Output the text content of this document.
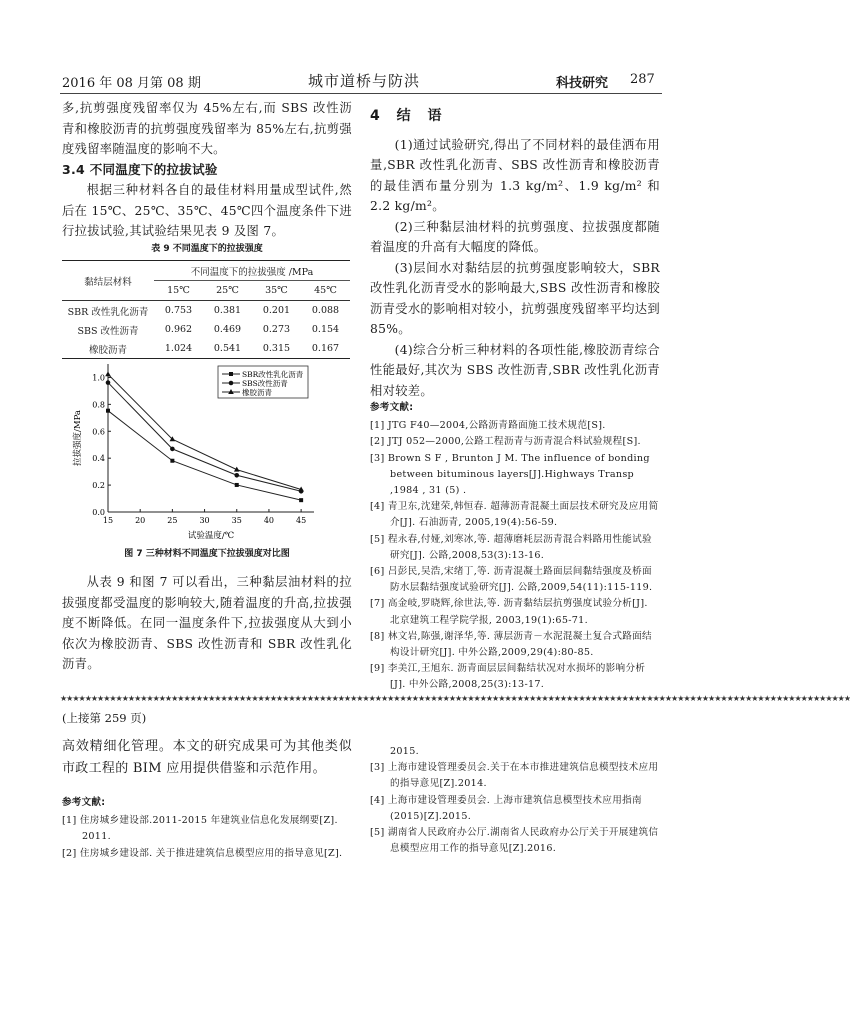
2016 年 08 月第 08 期	城市道桥与防洪	科技研究 287

多,抗剪强度残留率仅为 45%左右,而 SBS 改性沥青和橡胶沥青的抗剪强度残留率为 85%左右,抗剪强度残留率随温度的影响不大。

3.4 不同温度下的拉拔试验

根据三种材料各自的最佳材料用量成型试件,然后在 15℃、25℃、35℃、45℃四个温度条件下进行拉拔试验,其试验结果见表 9 及图 7。

表 9 不同温度下的拉拔强度
黏结层材料	不同温度下的拉拔强度 /MPa			
	15℃	25℃	35℃	45℃
SBR 改性乳化沥青	0.753	0.381	0.201	0.088
SBS 改性沥青	0.962	0.469	0.273	0.154
橡胶沥青	1.024	0.541	0.315	0.167
15	20	25	30	35	40	45
0.0
0.2
0.4
0.6
0.8
1.0
试验温度/℃
拉拔强度/MPa
SBR改性乳化沥青
SBS改性沥青
橡胶沥青
图 7 三种材料不同温度下拉拔强度对比图

从表 9 和图 7 可以看出，三种黏层油材料的拉拔强度都受温度的影响较大,随着温度的升高,拉拔强度不断降低。在同一温度条件下,拉拔强度从大到小依次为橡胶沥青、SBS 改性沥青和 SBR 改性乳化沥青。

4 结 语

(1)通过试验研究,得出了不同材料的最佳洒布用量,SBR 改性乳化沥青、SBS 改性沥青和橡胶沥青的最佳洒布量分别为 1.3 kg/m²、1.9 kg/m² 和 2.2 kg/m²。

(2)三种黏层油材料的抗剪强度、拉拔强度都随着温度的升高有大幅度的降低。

(3)层间水对黏结层的抗剪强度影响较大，SBR 改性乳化沥青受水的影响最大,SBS 改性沥青和橡胶沥青受水的影响相对较小，抗剪强度残留率平均达到 85%。

(4)综合分析三种材料的各项性能,橡胶沥青综合性能最好,其次为 SBS 改性沥青,SBR 改性乳化沥青相对较差。

参考文献:
[1] JTG F40—2004,公路沥青路面施工技术规范[S].
[2] JTJ 052—2000,公路工程沥青与沥青混合料试验规程[S].
[3] Brown S F , Brunton J M. The influence of bonding between bituminous layers[J].Highways Transp ,1984 , 31 (5) .
[4] 青卫东,沈建荣,韩恒春. 超薄沥青混凝土面层技术研究及应用简介[J]. 石油沥青, 2005,19(4):56-59.
[5] 程永春,付娅,刘寒冰,等. 超薄磨耗层沥青混合料路用性能试验研究[J]. 公路,2008,53(3):13-16.
[6] 吕彭民,吴浩,宋绪丁,等. 沥青混凝土路面层间黏结强度及桥面防水层黏结强度试验研究[J]. 公路,2009,54(11):115-119.
[7] 高金岐,罗晓辉,徐世法,等. 沥青黏结层抗剪强度试验分析[J]. 北京建筑工程学院学报, 2003,19(1):65-71.
[8] 林文岩,陈强,谢泽华,等. 薄层沥青－水泥混凝土复合式路面结构设计研究[J]. 中外公路,2009,29(4):80-85.
[9] 李美江,王旭东. 沥青面层层间黏结状况对水损坏的影响分析[J]. 中外公路,2008,25(3):13-17.
★★★★★★★★★★★★★★★★★★★★★★★★★★★★★★★★★★★★★★★★★★★★★★★★★★★★★★★★★★★★★★★★★★★★★★★★★★★★★★★★★★★★★★★★★★★★★★★★★★★★★★★★★★★★★★★★★★★★★★★★★★★★★★★★
(上接第 259 页)

高效精细化管理。本文的研究成果可为其他类似市政工程的 BIM 应用提供借鉴和示范作用。

参考文献:
[1] 住房城乡建设部.2011-2015 年建筑业信息化发展纲要[Z]. 2011.
[2] 住房城乡建设部. 关于推进建筑信息模型应用的指导意见[Z].
2015.
[3] 上海市建设管理委员会.关于在本市推进建筑信息模型技术应用的指导意见[Z].2014.
[4] 上海市建设管理委员会. 上海市建筑信息模型技术应用指南(2015)[Z].2015.
[5] 湖南省人民政府办公厅.湖南省人民政府办公厅关于开展建筑信息模型应用工作的指导意见[Z].2016.
